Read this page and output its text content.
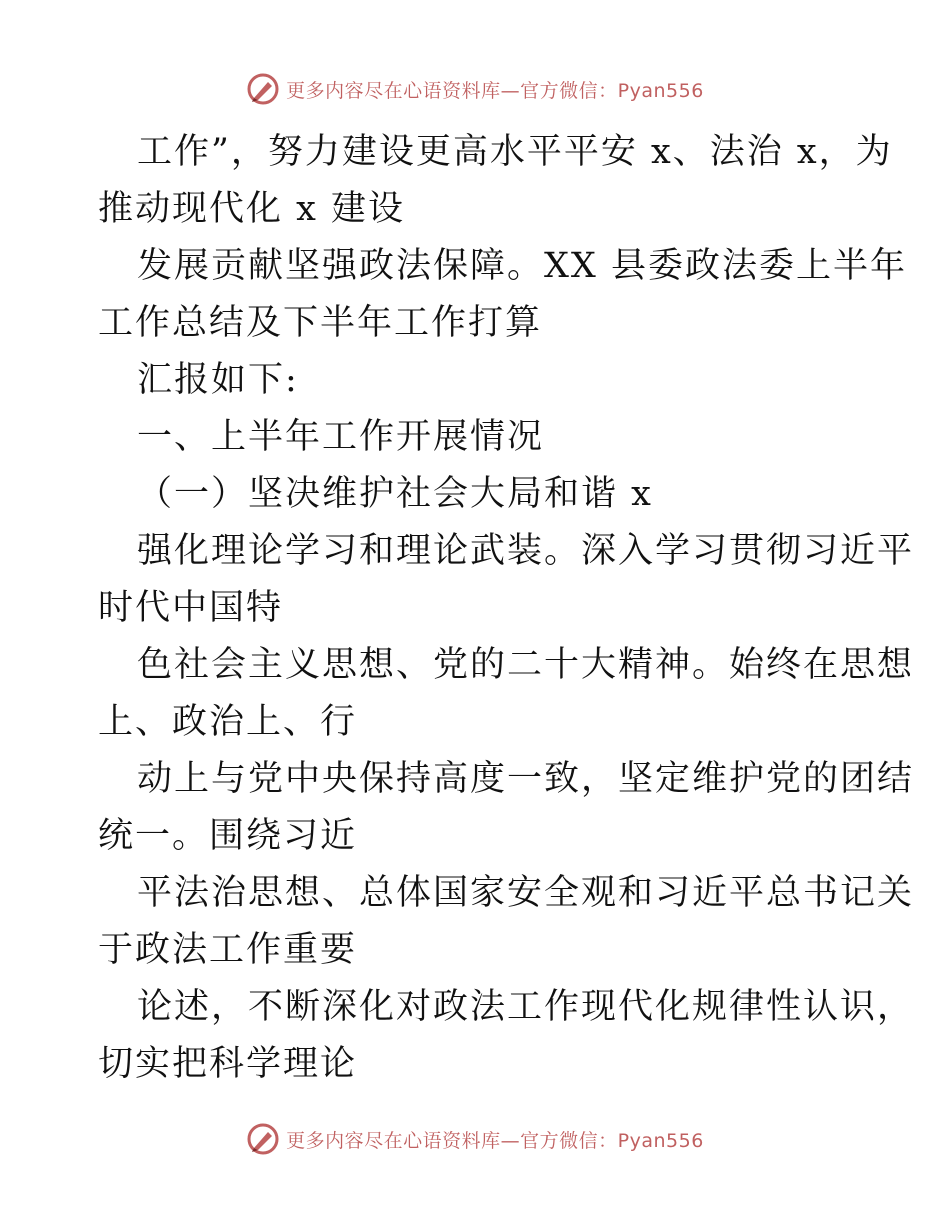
更多内容尽在心语资料库—官方微信：Pyan556
工作”，努力建设更高水平平安 x、法治 x，为
推动现代化 x 建设
发展贡献坚强政法保障。XX 县委政法委上半年
工作总结及下半年工作打算
汇报如下:
一、上半年工作开展情况
（一）坚决维护社会大局和谐 x
强化理论学习和理论武装。深入学习贯彻习近平
时代中国特
色社会主义思想、党的二十大精神。始终在思想
上、政治上、行
动上与党中央保持高度一致，坚定维护党的团结
统一。围绕习近
平法治思想、总体国家安全观和习近平总书记关
于政法工作重要
论述，不断深化对政法工作现代化规律性认识，
切实把科学理论
更多内容尽在心语资料库—官方微信：Pyan556
